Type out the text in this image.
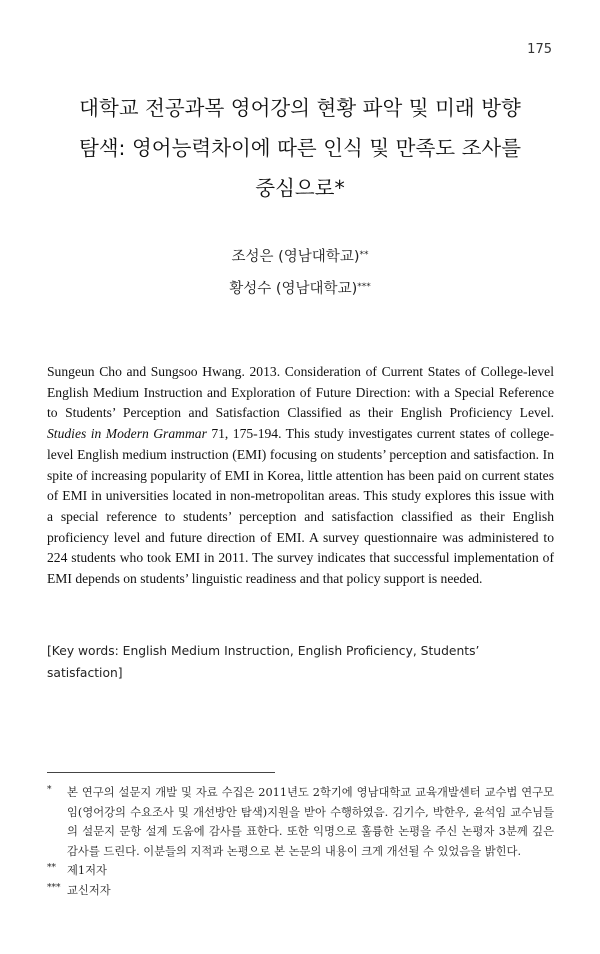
175
대학교 전공과목 영어강의 현황 파악 및 미래 방향
탐색: 영어능력차이에 따른 인식 및 만족도 조사를
중심으로*
조성은 (영남대학교)**
황성수 (영남대학교)***

Sungeun Cho and Sungsoo Hwang. 2013. Consideration of Current States of College-level English Medium Instruction and Exploration of Future Direction: with a Special Reference to Students’ Perception and Satisfaction Classified as their English Proficiency Level. Studies in Modern Grammar 71, 175-194. This study investigates current states of college-level English medium instruction (EMI) focusing on students’ perception and satisfaction. In spite of increasing popularity of EMI in Korea, little attention has been paid on current states of EMI in universities located in non-metropolitan areas. This study explores this issue with a special reference to students’ perception and satisfaction classified as their English proficiency level and future direction of EMI. A survey questionnaire was administered to 224 students who took EMI in 2011. The survey indicates that successful implementation of EMI depends on students’ linguistic readiness and that policy support is needed.

[Key words: English Medium Instruction, English Proficiency, Students’ satisfaction]

* 본 연구의 설문지 개발 및 자료 수집은 2011년도 2학기에 영남대학교 교육개발센터 교수법 연구모임(영어강의 수요조사 및 개선방안 탐색)지원을 받아 수행하였음. 김기수, 박한우, 윤석임 교수님들의 설문지 문항 설계 도움에 감사를 표한다. 또한 익명으로 훌륭한 논평을 주신 논평자 3분께 깊은 감사를 드린다. 이분들의 지적과 논평으로 본 논문의 내용이 크게 개선될 수 있었음을 밝힌다.
** 제1저자
*** 교신저자
